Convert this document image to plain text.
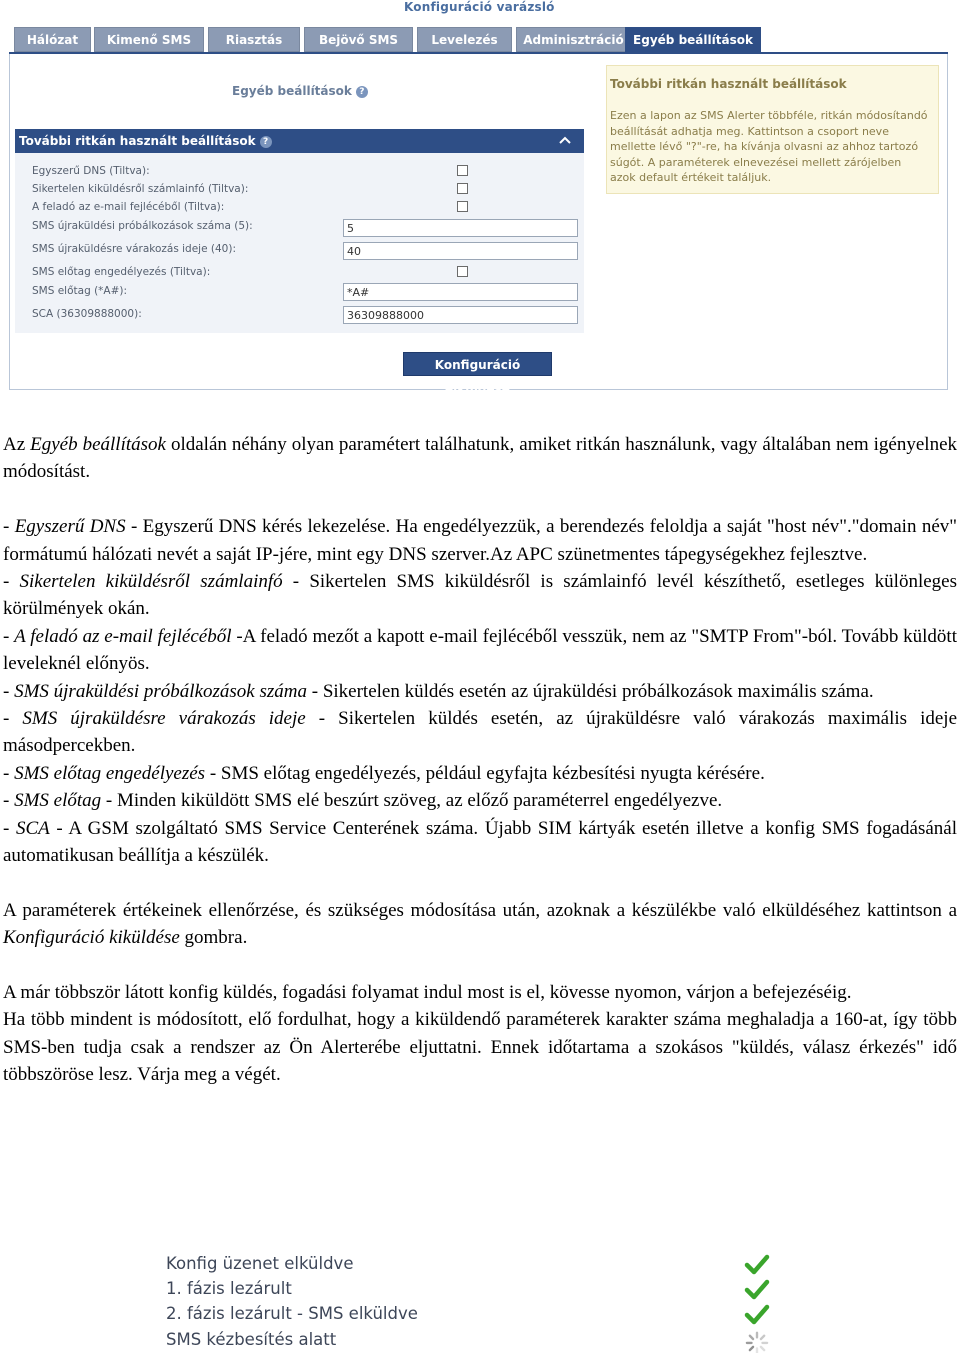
Konfiguráció varázsló
Hálózat	Kimenő SMS	Riasztás	Bejövő SMS	Levelezés	Adminisztráció Egyéb beállítások
Egyéb beállítások ?
További ritkán használt beállítások ?
Egyszerű DNS (Tiltva):
Sikertelen kiküldésről számlainfó (Tiltva):
A feladó az e-mail fejlécéből (Tiltva):
SMS újraküldési próbálkozások száma (5):
5
SMS újraküldésre várakozás ideje (40):
40
SMS előtag engedélyezés (Tiltva):
SMS előtag (*A#):
*A#
SCA (36309888000):
36309888000
Konfiguráció elküldése
További ritkán használt beállítások
Ezen a lapon az SMS Alerter többféle, ritkán módosítandó beállítását adhatja meg. Kattintson a csoport neve mellette lévő "?"-re, ha kívánja olvasni az ahhoz tartozó súgót. A paraméterek elnevezései mellett zárójelben azok default értékeit találjuk.

Az Egyéb beállítások oldalán néhány olyan paramétert találhatunk, amiket ritkán használunk, vagy általában nem igényelnek módosítást.

- Egyszerű DNS - Egyszerű DNS kérés lekezelése. Ha engedélyezzük, a berendezés feloldja a saját "host név"."domain név" formátumú hálózati nevét a saját IP-jére, mint egy DNS szerver.Az APC szünetmentes tápegységekhez fejlesztve.
- Sikertelen kiküldésről számlainfó - Sikertelen SMS kiküldésről is számlainfó levél készíthető, esetleges különleges körülmények okán.
- A feladó az e-mail fejlécéből -A feladó mezőt a kapott e-mail fejlécéből vesszük, nem az "SMTP From"-ból. Tovább küldött leveleknél előnyös.
- SMS újraküldési próbálkozások száma - Sikertelen küldés esetén az újraküldési próbálkozások maximális száma.
- SMS újraküldésre várakozás ideje - Sikertelen küldés esetén, az újraküldésre való várakozás maximális ideje másodpercekben.
- SMS előtag engedélyezés - SMS előtag engedélyezés, például egyfajta kézbesítési nyugta kérésére.
- SMS előtag - Minden kiküldött SMS elé beszúrt szöveg, az előző paraméterrel engedélyezve.
- SCA - A GSM szolgáltató SMS Service Centerének száma. Újabb SIM kártyák esetén illetve a konfig SMS fogadásánál automatikusan beállítja a készülék.

A paraméterek értékeinek ellenőrzése, és szükséges módosítása után, azoknak a készülékbe való elküldéséhez kattintson a Konfiguráció kiküldése gombra.

A már többször látott konfig küldés, fogadási folyamat indul most is el, kövesse nyomon, várjon a befejezéséig.

Ha több mindent is módosított, elő fordulhat, hogy a kiküldendő paraméterek karakter száma meghaladja a 160-at, így több SMS-ben tudja csak a rendszer az Ön Alerterébe eljuttatni. Ennek időtartama a szokásos "küldés, válasz érkezés" idő többszöröse lesz. Várja meg a végét.

Konfig üzenet elküldve
1. fázis lezárult
2. fázis lezárult - SMS elküldve
SMS kézbesítés alatt
